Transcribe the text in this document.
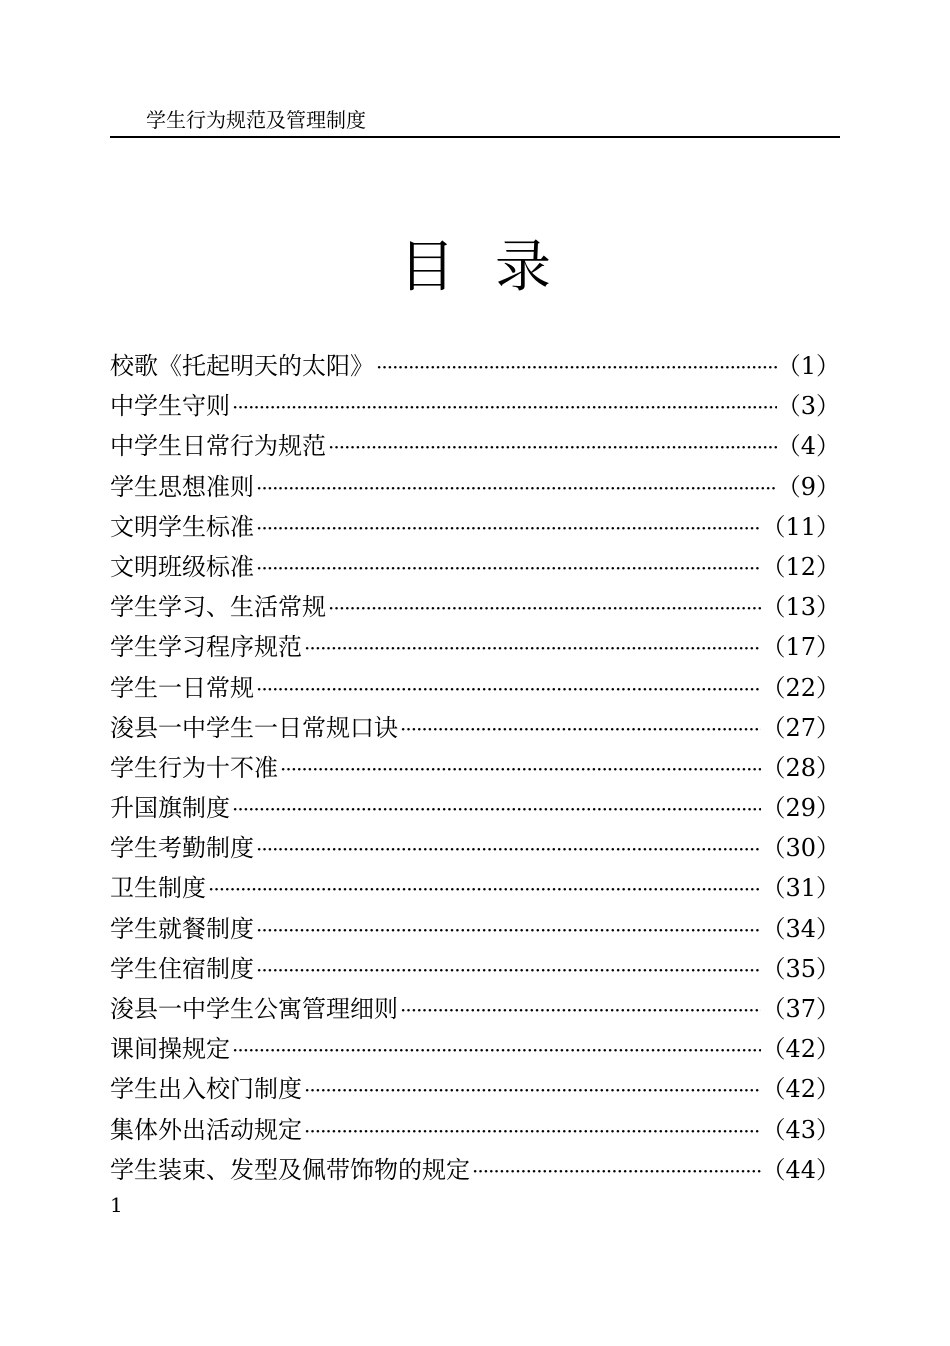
学生行为规范及管理制度
目录
校歌《托起明天的太阳》 ·····	（1）
中学生守则 ·····	（3）
中学生日常行为规范 ·····	（4）
学生思想准则 ·····	（9）
文明学生标准 ·····	（11）
文明班级标准 ·····	（12）
学生学习、生活常规 ·····	（13）
学生学习程序规范 ·····	（17）
学生一日常规 ·····	（22）
浚县一中学生一日常规口诀 ·····	（27）
学生行为十不准 ·····	（28）
升国旗制度 ·····	（29）
学生考勤制度 ·····	（30）
卫生制度 ·····	（31）
学生就餐制度 ·····	（34）
学生住宿制度 ·····	（35）
浚县一中学生公寓管理细则 ·····	（37）
课间操规定 ·····	（42）
学生出入校门制度 ·····	（42）
集体外出活动规定 ·····	（43）
学生装束、发型及佩带饰物的规定 ·····	（44）
1
